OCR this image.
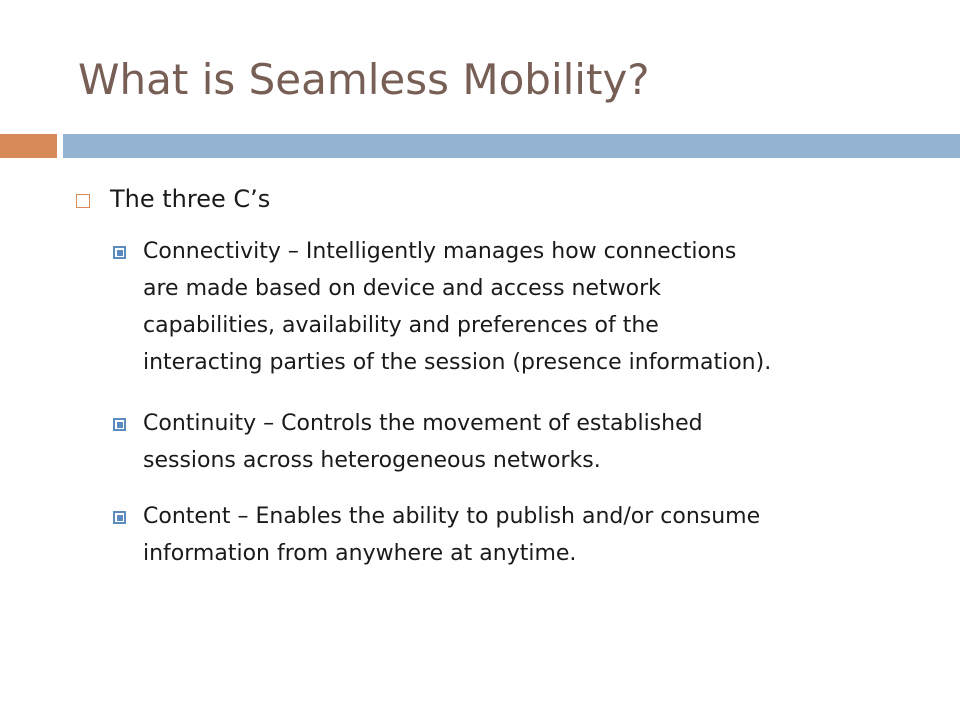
What is Seamless Mobility?
The three C’s
Connectivity – Intelligently manages how connections
are made based on device and access network
capabilities, availability and preferences of the
interacting parties of the session (presence information).
Continuity – Controls the movement of established
sessions across heterogeneous networks.
Content – Enables the ability to publish and/or consume
information from anywhere at anytime.
